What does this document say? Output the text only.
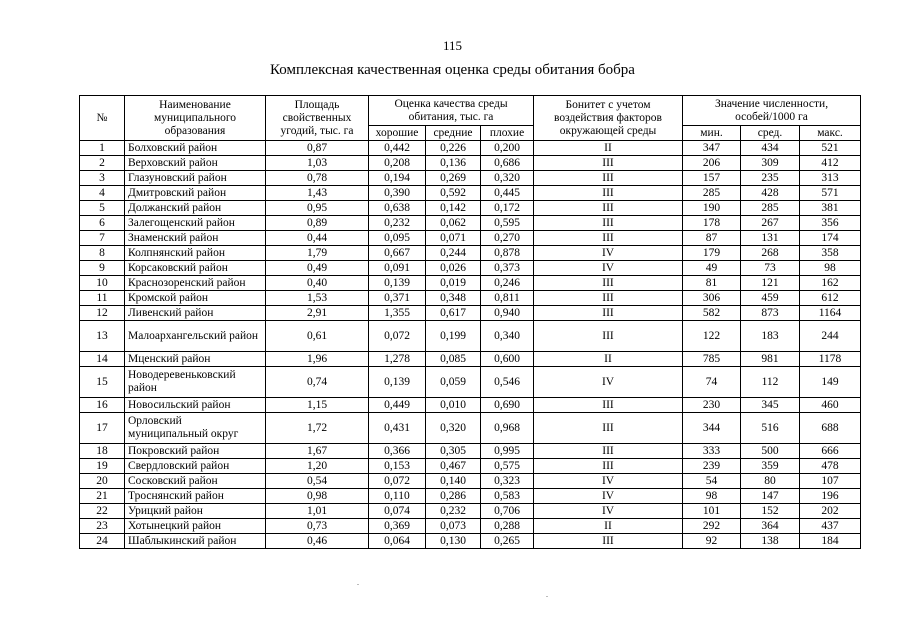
115
Комплексная качественная оценка среды обитания бобра
№	Наименование муниципального образования	Площадь свойственных угодий, тыс. га	Оценка качества среды обитания, тыс. га			Бонитет с учетом воздействия факторов окружающей среды	Значение численности, особей/1000 га		
			хорошие	средние	плохие		мин.	сред.	макс.
1	Болховский район	0,87	0,442	0,226	0,200	II	347	434	521
2	Верховский район	1,03	0,208	0,136	0,686	III	206	309	412
3	Глазуновский район	0,78	0,194	0,269	0,320	III	157	235	313
4	Дмитровский район	1,43	0,390	0,592	0,445	III	285	428	571
5	Должанский район	0,95	0,638	0,142	0,172	III	190	285	381
6	Залегощенский район	0,89	0,232	0,062	0,595	III	178	267	356
7	Знаменский район	0,44	0,095	0,071	0,270	III	87	131	174
8	Колпнянский район	1,79	0,667	0,244	0,878	IV	179	268	358
9	Корсаковский район	0,49	0,091	0,026	0,373	IV	49	73	98
10	Краснозоренский район	0,40	0,139	0,019	0,246	III	81	121	162
11	Кромской район	1,53	0,371	0,348	0,811	III	306	459	612
12	Ливенский район	2,91	1,355	0,617	0,940	III	582	873	1164
13	Малоархангельский район	0,61	0,072	0,199	0,340	III	122	183	244
14	Мценский район	1,96	1,278	0,085	0,600	II	785	981	1178
15	Новодеревеньковский район	0,74	0,139	0,059	0,546	IV	74	112	149
16	Новосильский район	1,15	0,449	0,010	0,690	III	230	345	460
17	Орловский муниципальный округ	1,72	0,431	0,320	0,968	III	344	516	688
18	Покровский район	1,67	0,366	0,305	0,995	III	333	500	666
19	Свердловский район	1,20	0,153	0,467	0,575	III	239	359	478
20	Сосковский район	0,54	0,072	0,140	0,323	IV	54	80	107
21	Троснянский район	0,98	0,110	0,286	0,583	IV	98	147	196
22	Урицкий район	1,01	0,074	0,232	0,706	IV	101	152	202
23	Хотынецкий район	0,73	0,369	0,073	0,288	II	292	364	437
24	Шаблыкинский район	0,46	0,064	0,130	0,265	III	92	138	184
